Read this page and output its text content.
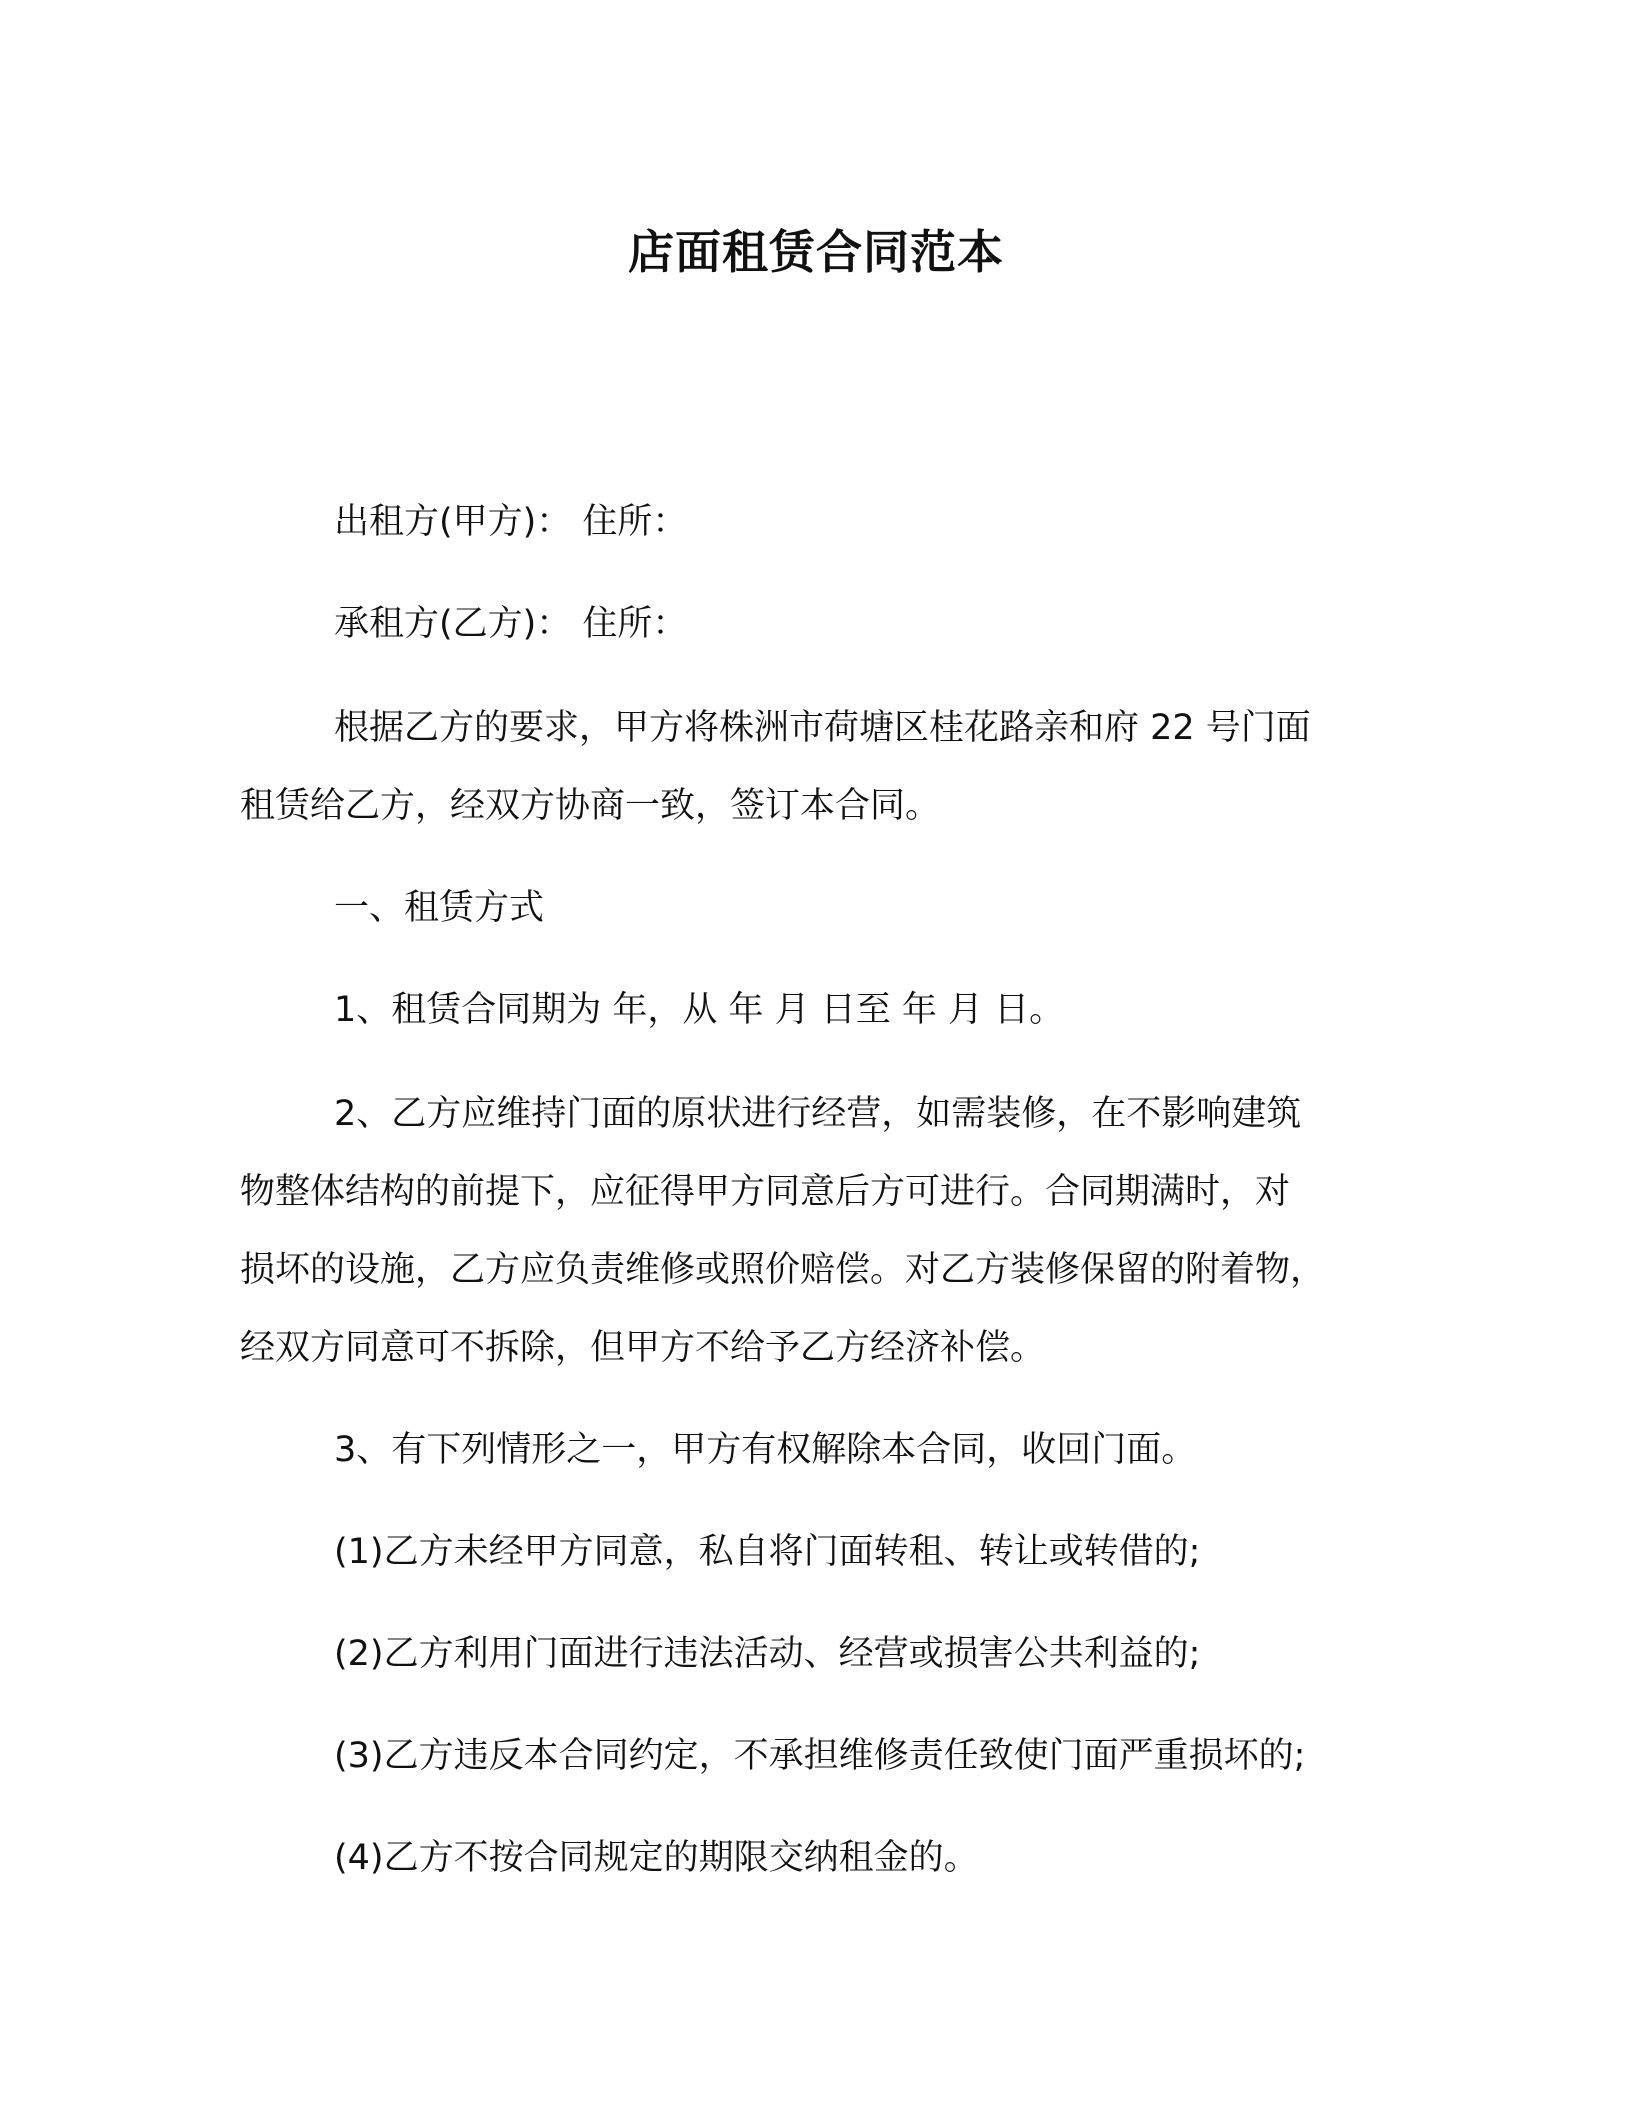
店面租赁合同范本
出租方(甲方)： 住所：
承租方(乙方)： 住所：
根据乙方的要求，甲方将株洲市荷塘区桂花路亲和府 22 号门面
租赁给乙方，经双方协商一致，签订本合同。
一、租赁方式
1、租赁合同期为 年，从 年 月 日至 年 月 日。
2、乙方应维持门面的原状进行经营，如需装修，在不影响建筑
物整体结构的前提下，应征得甲方同意后方可进行。合同期满时，对
损坏的设施，乙方应负责维修或照价赔偿。对乙方装修保留的附着物，
经双方同意可不拆除，但甲方不给予乙方经济补偿。
3、有下列情形之一，甲方有权解除本合同，收回门面。
(1)乙方未经甲方同意，私自将门面转租、转让或转借的;
(2)乙方利用门面进行违法活动、经营或损害公共利益的;
(3)乙方违反本合同约定，不承担维修责任致使门面严重损坏的;
(4)乙方不按合同规定的期限交纳租金的。
